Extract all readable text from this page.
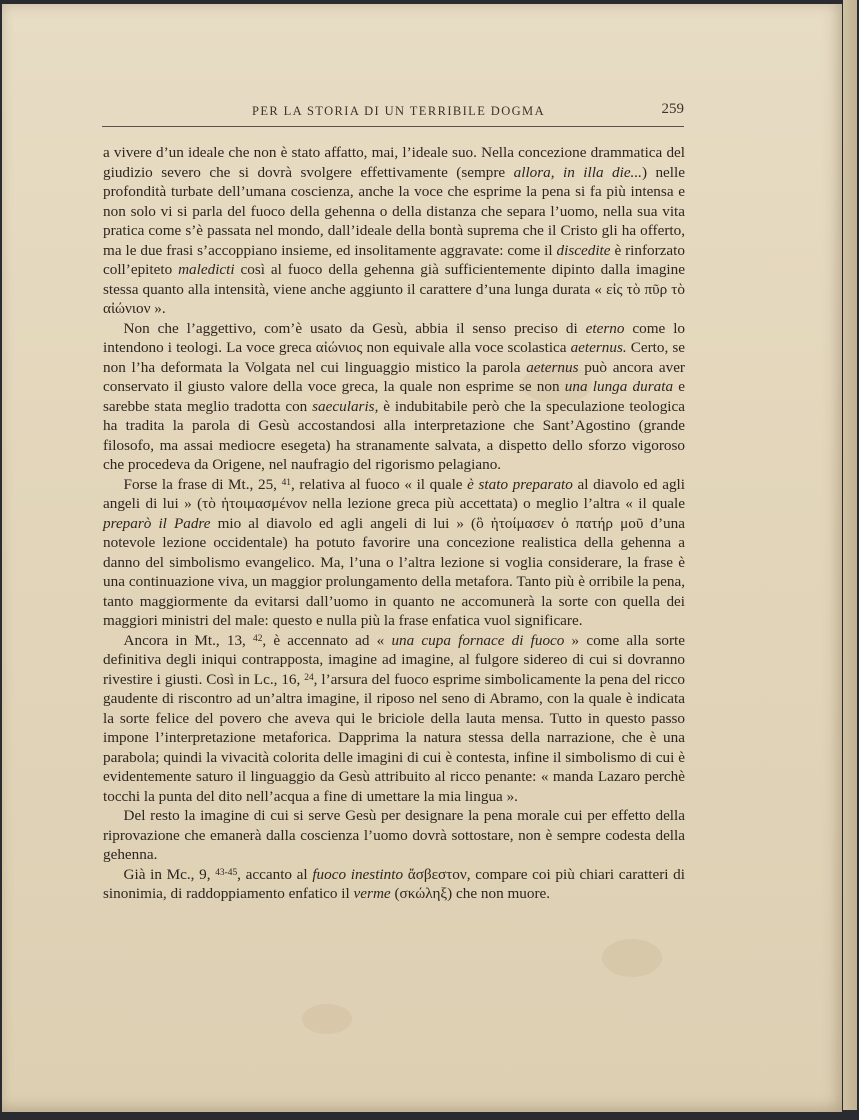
PER LA STORIA DI UN TERRIBILE DOGMA	259

a vivere d’un ideale che non è stato affatto, mai, l’ideale suo. Nella concezione drammatica del giudizio severo che si dovrà svolgere effettivamente (sempre allora, in illa die...) nelle profondità turbate dell’umana coscienza, anche la voce che esprime la pena si fa più intensa e non solo vi si parla del fuoco della gehenna o della distanza che separa l’uomo, nella sua vita pratica come s’è passata nel mondo, dall’ideale della bontà suprema che il Cristo gli ha offerto, ma le due frasi s’accoppiano insieme, ed insolitamente aggravate: come il discedite è rinforzato coll’epiteto maledicti così al fuoco della gehenna già sufficientemente dipinto dalla imagine stessa quanto alla intensità, viene anche aggiunto il carattere d’una lunga durata « εἰς τὸ πῦρ τὸ αἰώνιον ».

Non che l’aggettivo, com’è usato da Gesù, abbia il senso preciso di eterno come lo intendono i teologi. La voce greca αἰώνιος non equivale alla voce scolastica aeternus. Certo, se non l’ha deformata la Volgata nel cui linguaggio mistico la parola aeternus può ancora aver conservato il giusto valore della voce greca, la quale non esprime se non una lunga durata e sarebbe stata meglio tradotta con saecularis, è indubitabile però che la speculazione teologica ha tradita la parola di Gesù accostandosi alla interpretazione che Sant’Agostino (grande filosofo, ma assai mediocre esegeta) ha stranamente salvata, a dispetto dello sforzo vigoroso che procedeva da Origene, nel naufragio del rigorismo pelagiano.

Forse la frase di Mt., 25, $^{41}$, relativa al fuoco « il quale è stato preparato al diavolo ed agli angeli di lui » (τὸ ἡτοιμασμένον nella lezione greca più accettata) o meglio l’altra « il quale preparò il Padre mio al diavolo ed agli angeli di lui » (ὃ ἡτοίμασεν ὁ πατήρ μοῦ d’una notevole lezione occidentale) ha potuto favorire una concezione realistica della gehenna a danno del simbolismo evangelico. Ma, l’una o l’altra lezione si voglia considerare, la frase è una continuazione viva, un maggior prolungamento della metafora. Tanto più è orribile la pena, tanto maggiormente da evitarsi dall’uomo in quanto ne accomunerà la sorte con quella dei maggiori ministri del male: questo e nulla più la frase enfatica vuol significare.

Ancora in Mt., 13, $^{42}$, è accennato ad « una cupa fornace di fuoco » come alla sorte definitiva degli iniqui contrapposta, imagine ad imagine, al fulgore sidereo di cui si dovranno rivestire i giusti. Così in Lc., 16, $^{24}$, l’arsura del fuoco esprime simbolicamente la pena del ricco gaudente di riscontro ad un’altra imagine, il riposo nel seno di Abramo, con la quale è indicata la sorte felice del povero che aveva qui le briciole della lauta mensa. Tutto in questo passo impone l’interpretazione metaforica. Dapprima la natura stessa della narrazione, che è una parabola; quindi la vivacità colorita delle imagini di cui è contesta, infine il simbolismo di cui è evidentemente saturo il linguaggio da Gesù attribuito al ricco penante: « manda Lazaro perchè tocchi la punta del dito nell’acqua a fine di umettare la mia lingua ».

Del resto la imagine di cui si serve Gesù per designare la pena morale cui per effetto della riprovazione che emanerà dalla coscienza l’uomo dovrà sottostare, non è sempre codesta della gehenna.

Già in Mc., 9, $^{43-45}$, accanto al fuoco inestinto ἄσβεστον, compare coi più chiari caratteri di sinonimia, di raddoppiamento enfatico il verme (σκώληξ) che non muore.
